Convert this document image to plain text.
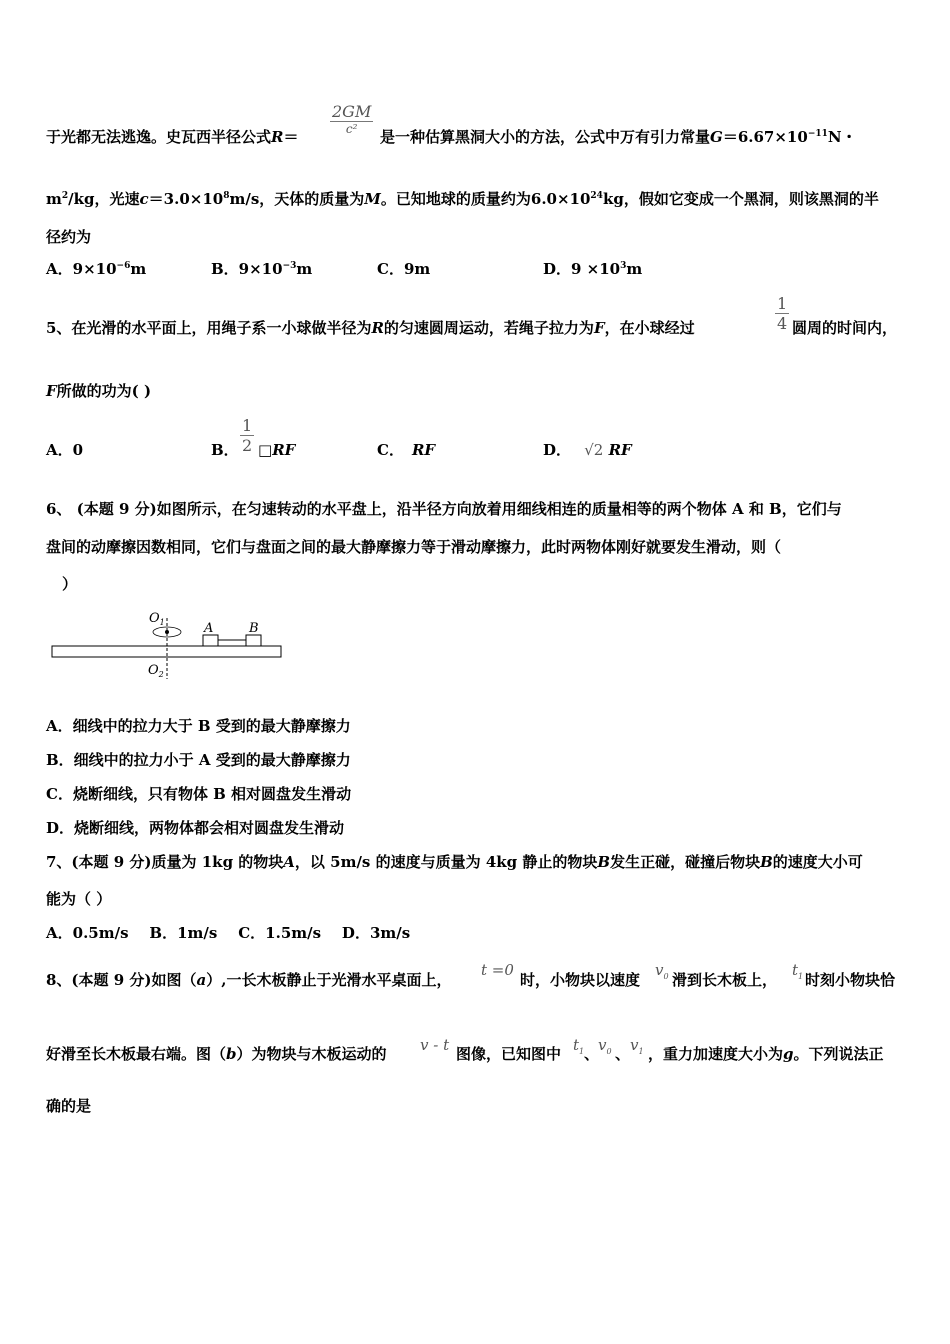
于光都无法逃逸。史瓦西半径公式R＝
2GM
c²	是一种估算黑洞大小的方法，公式中万有引力常量$G=6.67\times 10^{-11}N$・
$m^2/kg$，光速$c=3.0\times 10^8m/s$，天体的质量为M。已知地球的质量约为$6.0\times 10^{24}kg$，假如它变成一个黑洞，则该黑洞的半
径约为
A．$9\times 10^{-6}m$	B．$9\times 10^{-3}m$	C．9m	D．$9 \times 10^3m$
5、在光滑的水平面上，用绳子系一小球做半径为R的匀速圆周运动，若绳子拉力为F，在小球经过	$\frac{1}{4}$ 圆周的时间内，
F所做的功为( )
A．0	B． $\frac{1}{2}$ □RF	C． RF	D． √2 RF
6、 (本题 9 分)如图所示，在匀速转动的水平盘上，沿半径方向放着用细线相连的质量相等的两个物体 A 和 B，它们与
盘间的动摩擦因数相同，它们与盘面之间的最大静摩擦力等于滑动摩擦力，此时两物体刚好就要发生滑动，则（
）
$O_1$
$O_2$
A	B
A．细线中的拉力大于 B 受到的最大静摩擦力
B．细线中的拉力小于 A 受到的最大静摩擦力
C．烧断细线，只有物体 B 相对圆盘发生滑动
D．烧断细线，两物体都会相对圆盘发生滑动
7、(本题 9 分)质量为 1kg 的物块A，以 5m/s 的速度与质量为 4kg 静止的物块B发生正碰，碰撞后物块B的速度大小可
能为（ ）
A．0.5m/s    B．1m/s    C．1.5m/s    D．3m/s
8、(本题 9 分)如图（a）,一长木板静止于光滑水平桌面上，
t =0
时，小物块以速度
$v_0$ 滑到长木板上，
$t_1$ 时刻小物块恰
好滑至长木板最右端。图（b）为物块与木板运动的 v - t 图像，已知图中 $t_1$ 、
$v_0$ 、 $v_1$ ，重力加速度大小为g。下列说法正
确的是
